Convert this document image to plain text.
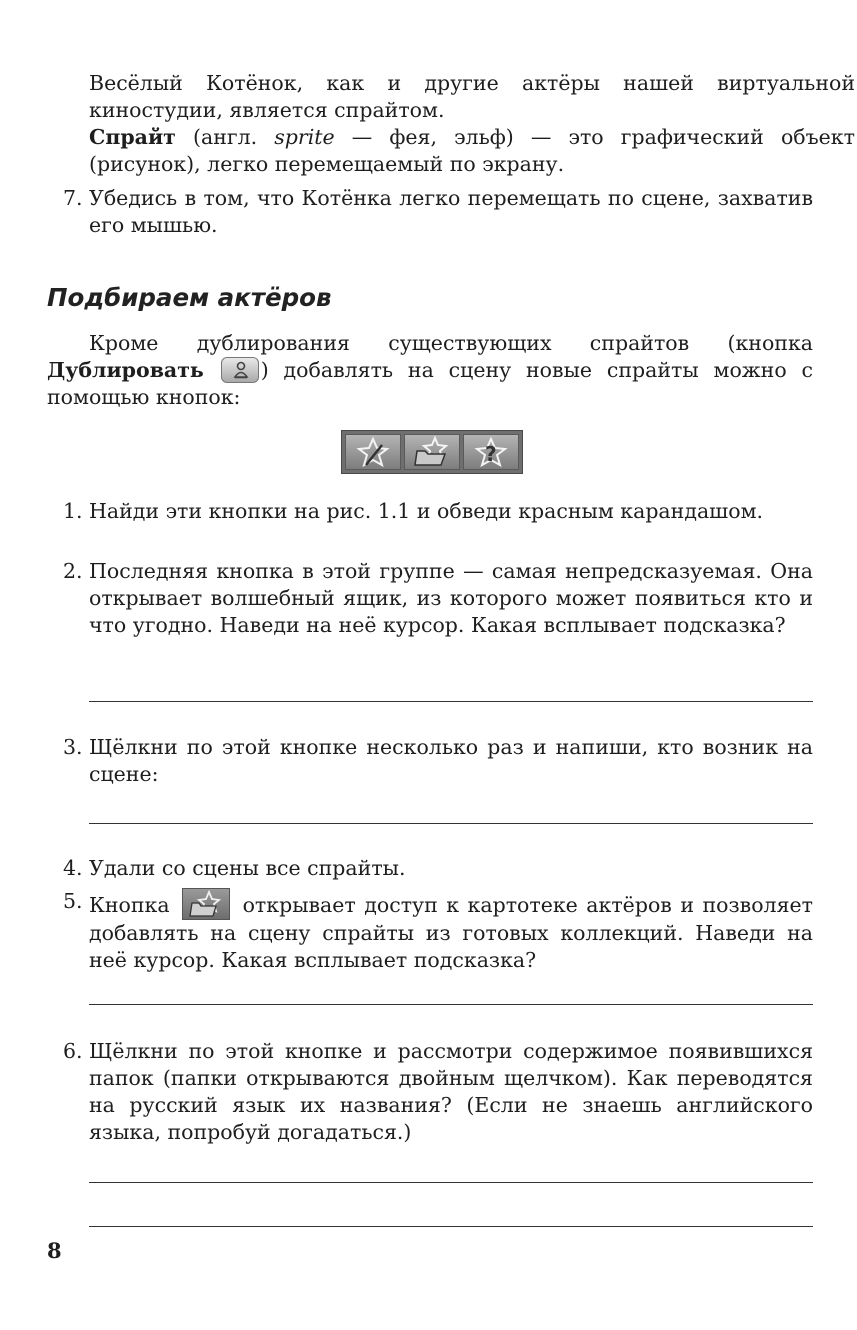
Весёлый Котёнок, как и другие актёры нашей виртуальной киностудии, является спрайтом.

Спрайт (англ. sprite — фея, эльф) — это графический объект (рисунок), легко перемещаемый по экрану.

7. Убедись в том, что Котёнка легко перемещать по сцене, захватив его мышью.
Подбираем актёров

Кроме дублирования существующих спрайтов (кнопка Дублировать	) добавлять на сцену новые спрайты можно с помощью кнопок:

?
1. Найди эти кнопки на рис. 1.1 и обведи красным карандашом.
2. Последняя кнопка в этой группе — самая непредсказуемая. Она открывает волшебный ящик, из которого может появиться кто и что угодно. Наведи на неё курсор. Какая всплывает подсказка?
3. Щёлкни по этой кнопке несколько раз и напиши, кто возник на сцене:
4. Удали со сцены все спрайты.
5. Кнопка	открывает доступ к картотеке актёров и позволяет добавлять на сцену спрайты из готовых коллекций. Наведи на неё курсор. Какая всплывает подсказка?
6. Щёлкни по этой кнопке и рассмотри содержимое появившихся папок (папки открываются двойным щелчком). Как переводятся на русский язык их названия? (Если не знаешь английского языка, попробуй догадаться.)
8
